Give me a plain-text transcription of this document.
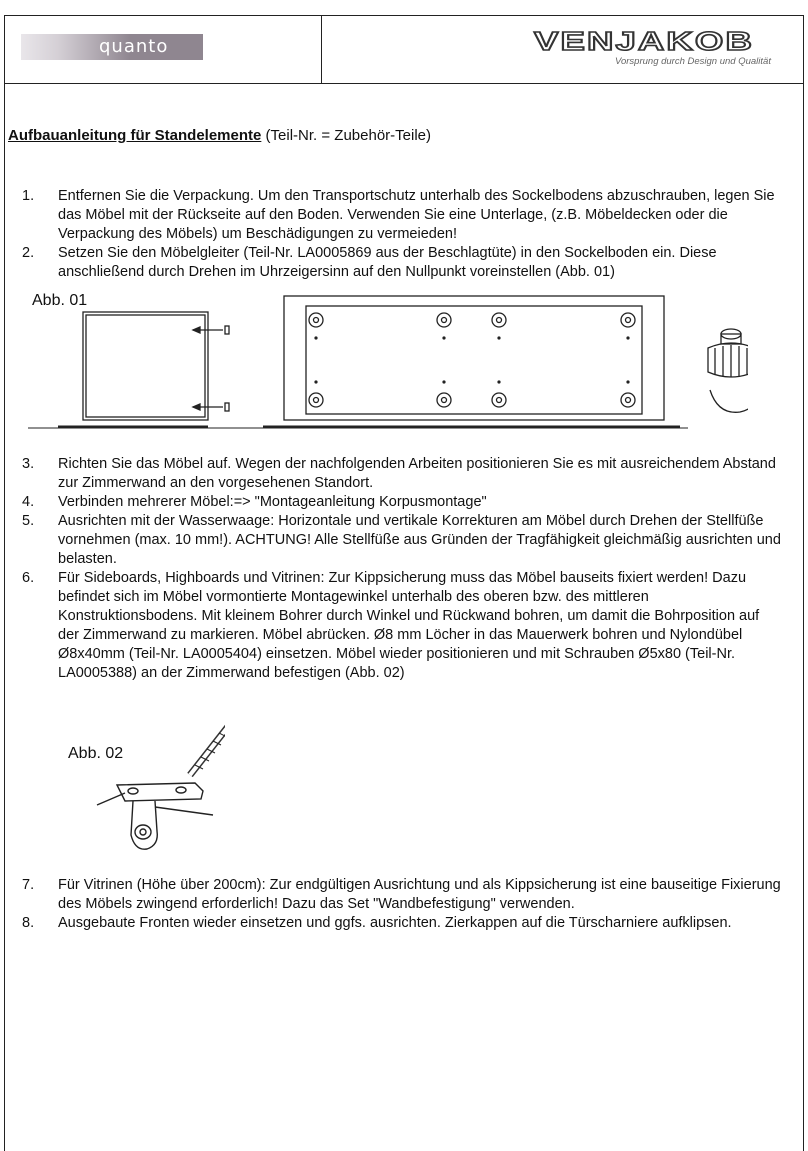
quanto	VENJAKOB
Vorsprung durch Design und Qualität
Aufbauanleitung für Standelemente (Teil-Nr. = Zubehör-Teile)
1. Entfernen Sie die Verpackung. Um den Transportschutz unterhalb des Sockelbodens abzuschrauben, legen Sie das Möbel mit der Rückseite auf den Boden. Verwenden Sie eine Unterlage, (z.B. Möbeldecken oder die Verpackung des Möbels) um Beschädigungen zu vermeieden!
2. Setzen Sie den Möbelgleiter (Teil-Nr. LA0005869 aus der Beschlagtüte) in den Sockelboden ein. Diese anschließend durch Drehen im Uhrzeigersinn auf den Nullpunkt voreinstellen (Abb. 01)
Abb. 01
3. Richten Sie das Möbel auf. Wegen der nachfolgenden Arbeiten positionieren Sie es mit ausreichendem Abstand zur Zimmerwand an den vorgesehenen Standort.
4. Verbinden mehrerer Möbel:=> "Montageanleitung Korpusmontage"
5. Ausrichten mit der Wasserwaage: Horizontale und vertikale Korrekturen am Möbel durch Drehen der Stellfüße vornehmen (max. 10 mm!). ACHTUNG! Alle Stellfüße aus Gründen der Tragfähigkeit gleichmäßig ausrichten und belasten.
6. Für Sideboards, Highboards und Vitrinen: Zur Kippsicherung muss das Möbel bauseits fixiert werden! Dazu befindet sich im Möbel vormontierte Montagewinkel unterhalb des oberen bzw. des mittleren Konstruktionsbodens. Mit kleinem Bohrer durch Winkel und Rückwand bohren, um damit die Bohrposition auf der Zimmerwand zu markieren. Möbel abrücken. Ø8 mm Löcher in das Mauerwerk bohren und Nylondübel Ø8x40mm (Teil-Nr. LA0005404) einsetzen. Möbel wieder positionieren und mit Schrauben Ø5x80 (Teil-Nr. LA0005388) an der Zimmerwand befestigen (Abb. 02)
Abb. 02
7. Für Vitrinen (Höhe über 200cm): Zur endgültigen Ausrichtung und als Kippsicherung ist eine bauseitige Fixierung des Möbels zwingend erforderlich! Dazu das Set "Wandbefestigung" verwenden.
8. Ausgebaute Fronten wieder einsetzen und ggfs. ausrichten. Zierkappen auf die Türscharniere aufklipsen.
